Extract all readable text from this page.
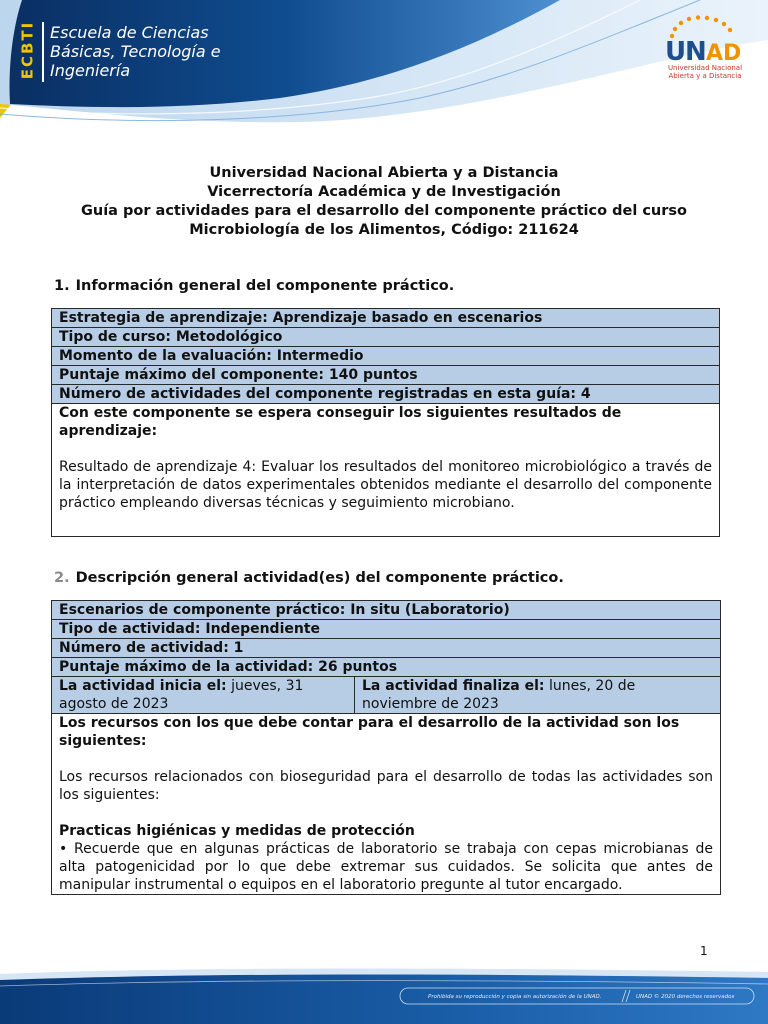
ECBTI Escuela de Ciencias
Básicas, Tecnología e
Ingeniería
U
N AD
Universidad Nacional
Abierta y a Distancia
Universidad Nacional Abierta y a Distancia
Vicerrectoría Académica y de Investigación
Guía por actividades para el desarrollo del componente práctico del curso
Microbiología de los Alimentos, Código: 211624
1. Información general del componente práctico.
Estrategia de aprendizaje: Aprendizaje basado en escenarios
Tipo de curso: Metodológico
Momento de la evaluación: Intermedio
Puntaje máximo del componente: 140 puntos
Número de actividades del componente registradas en esta guía: 4

Con este componente se espera conseguir los siguientes resultados de aprendizaje:
Resultado de aprendizaje 4: Evaluar los resultados del monitoreo microbiológico a través de la interpretación de datos experimentales obtenidos mediante el desarrollo del componente práctico empleando diversas técnicas y seguimiento microbiano.
2. Descripción general actividad(es) del componente práctico.
Escenarios de componente práctico: In situ (Laboratorio)
Tipo de actividad: Independiente
Número de actividad: 1
Puntaje máximo de la actividad: 26 puntos
La actividad inicia el: jueves, 31 agosto de 2023	La actividad finaliza el: lunes, 20 de noviembre de 2023

Los recursos con los que debe contar para el desarrollo de la actividad son los siguientes:
Los recursos relacionados con bioseguridad para el desarrollo de todas las actividades son los siguientes:
Practicas higiénicas y medidas de protección
• Recuerde que en algunas prácticas de laboratorio se trabaja con cepas microbianas de alta patogenicidad por lo que debe extremar sus cuidados. Se solicita que antes de manipular instrumental o equipos en el laboratorio pregunte al tutor encargado.
1
Prohibida su reproducción y copia sin autorización de la UNAD.	UNAD © 2020 derechos reservados
